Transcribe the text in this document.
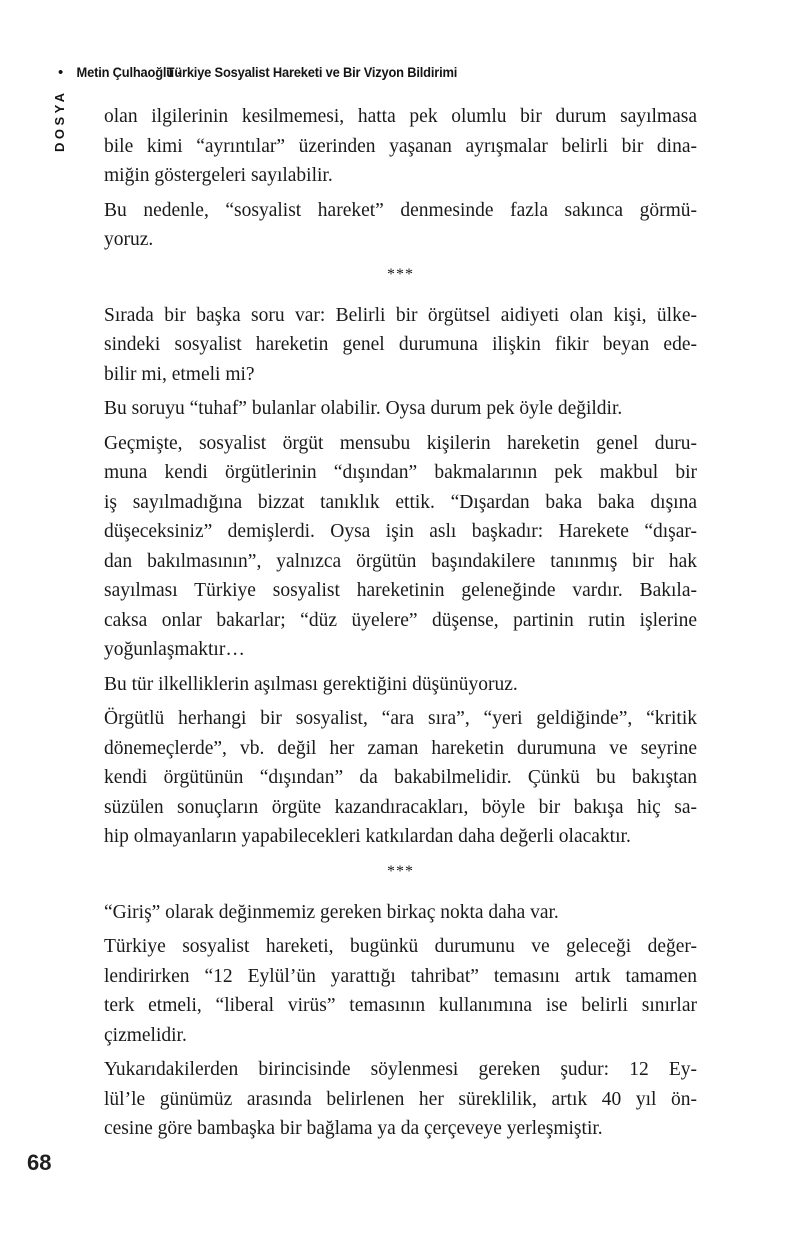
• Metin Çulhaoğlu -
Türkiye Sosyalist Hareketi ve Bir Vizyon Bildirimi
DOSYA olan ilgilerinin kesilmemesi, hatta pek olumlu bir durum sayılmasa
bile kimi “ayrıntılar” üzerinden yaşanan ayrışmalar belirli bir dina-
miğin göstergeleri sayılabilir.
Bu nedenle, “sosyalist hareket” denmesinde fazla sakınca görmü-
yoruz.
***
Sırada bir başka soru var: Belirli bir örgütsel aidiyeti olan kişi, ülke-
sindeki sosyalist hareketin genel durumuna ilişkin fikir beyan ede-
bilir mi, etmeli mi?
Bu soruyu “tuhaf” bulanlar olabilir. Oysa durum pek öyle değildir.
Geçmişte, sosyalist örgüt mensubu kişilerin hareketin genel duru-
muna kendi örgütlerinin “dışından” bakmalarının pek makbul bir
iş sayılmadığına bizzat tanıklık ettik. “Dışardan baka baka dışına
düşeceksiniz” demişlerdi. Oysa işin aslı başkadır: Harekete “dışar-
dan bakılmasının”, yalnızca örgütün başındakilere tanınmış bir hak
sayılması Türkiye sosyalist hareketinin geleneğinde vardır. Bakıla-
caksa onlar bakarlar; “düz üyelere” düşense, partinin rutin işlerine
yoğunlaşmaktır…
Bu tür ilkelliklerin aşılması gerektiğini düşünüyoruz.
Örgütlü herhangi bir sosyalist, “ara sıra”, “yeri geldiğinde”, “kritik
dönemeçlerde”, vb. değil her zaman hareketin durumuna ve seyrine
kendi örgütünün “dışından” da bakabilmelidir. Çünkü bu bakıştan
süzülen sonuçların örgüte kazandıracakları, böyle bir bakışa hiç sa-
hip olmayanların yapabilecekleri katkılardan daha değerli olacaktır.
***
“Giriş” olarak değinmemiz gereken birkaç nokta daha var.
Türkiye sosyalist hareketi, bugünkü durumunu ve geleceği değer-
lendirirken “12 Eylül’ün yarattığı tahribat” temasını artık tamamen
terk etmeli, “liberal virüs” temasının kullanımına ise belirli sınırlar
çizmelidir.
Yukarıdakilerden birincisinde söylenmesi gereken şudur: 12 Ey-
lül’le günümüz arasında belirlenen her süreklilik, artık 40 yıl ön-
cesine göre bambaşka bir bağlama ya da çerçeveye yerleşmiştir.
68
